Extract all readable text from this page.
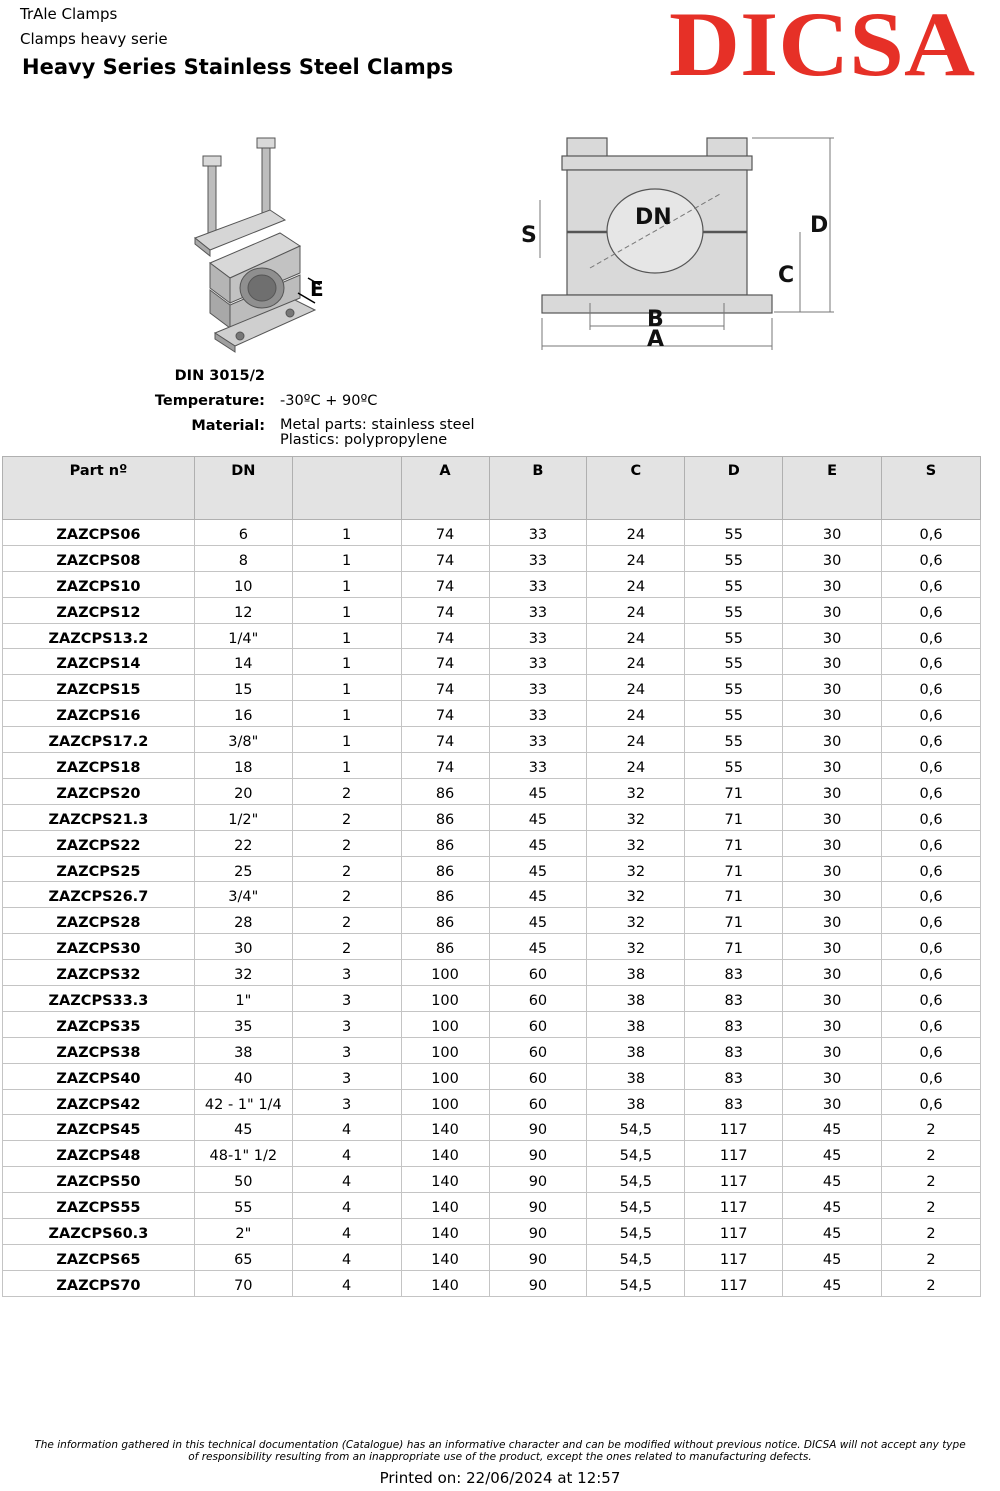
TrAle Clamps
Clamps heavy serie
Heavy Series Stainless Steel Clamps DICSA
E
DN
S	D
C
B
A
DIN 3015/2
Temperature: -30ºC + 90ºC
Material: Metal parts: stainless steel
Plastics: polypropylene
Part nº	DN		A	B	C	D	E	S
ZAZCPS06	6	1	74	33	24	55	30	0,6
ZAZCPS08	8	1	74	33	24	55	30	0,6
ZAZCPS10	10	1	74	33	24	55	30	0,6
ZAZCPS12	12	1	74	33	24	55	30	0,6
ZAZCPS13.2	1/4"	1	74	33	24	55	30	0,6
ZAZCPS14	14	1	74	33	24	55	30	0,6
ZAZCPS15	15	1	74	33	24	55	30	0,6
ZAZCPS16	16	1	74	33	24	55	30	0,6
ZAZCPS17.2	3/8"	1	74	33	24	55	30	0,6
ZAZCPS18	18	1	74	33	24	55	30	0,6
ZAZCPS20	20	2	86	45	32	71	30	0,6
ZAZCPS21.3	1/2"	2	86	45	32	71	30	0,6
ZAZCPS22	22	2	86	45	32	71	30	0,6
ZAZCPS25	25	2	86	45	32	71	30	0,6
ZAZCPS26.7	3/4"	2	86	45	32	71	30	0,6
ZAZCPS28	28	2	86	45	32	71	30	0,6
ZAZCPS30	30	2	86	45	32	71	30	0,6
ZAZCPS32	32	3	100	60	38	83	30	0,6
ZAZCPS33.3	1"	3	100	60	38	83	30	0,6
ZAZCPS35	35	3	100	60	38	83	30	0,6
ZAZCPS38	38	3	100	60	38	83	30	0,6
ZAZCPS40	40	3	100	60	38	83	30	0,6
ZAZCPS42	42 - 1" 1/4	3	100	60	38	83	30	0,6
ZAZCPS45	45	4	140	90	54,5	117	45	2
ZAZCPS48	48-1" 1/2	4	140	90	54,5	117	45	2
ZAZCPS50	50	4	140	90	54,5	117	45	2
ZAZCPS55	55	4	140	90	54,5	117	45	2
ZAZCPS60.3	2"	4	140	90	54,5	117	45	2
ZAZCPS65	65	4	140	90	54,5	117	45	2
ZAZCPS70	70	4	140	90	54,5	117	45	2
The information gathered in this technical documentation (Catalogue) has an informative character and can be modified without previous notice. DICSA will not accept any type
of responsibility resulting from an inappropriate use of the product, except the ones related to manufacturing defects.
Printed on: 22/06/2024 at 12:57
